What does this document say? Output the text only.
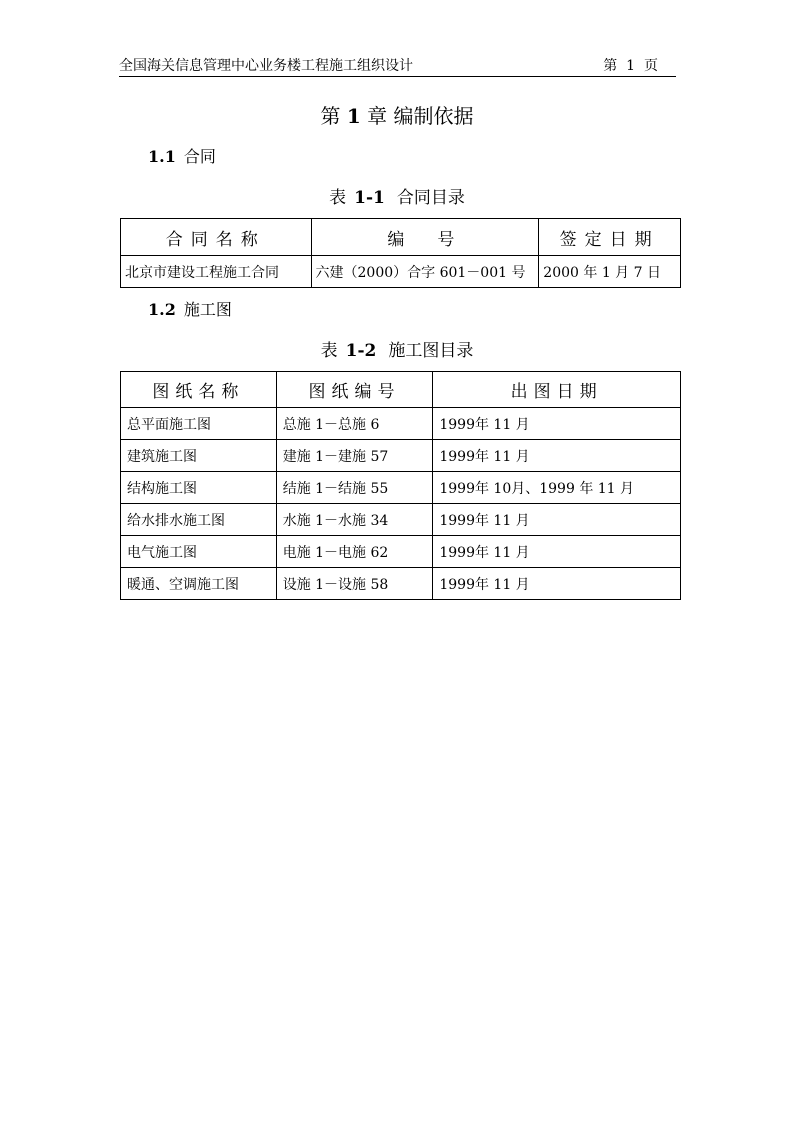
全国海关信息管理中心业务楼工程施工组织设计	第  1  页
第 1 章 编制依据
1.1 合同
表 1-1 合同目录
合同名称	编　号	签定日期
北京市建设工程施工合同	六建（2000）合字 601－001 号	2000 年 1 月 7 日
1.2 施工图
表 1-2 施工图目录
图纸名称	图纸编号	出图日期
总平面施工图	总施 1－总施 6	1999年 11 月
建筑施工图	建施 1－建施 57	1999年 11 月
结构施工图	结施 1－结施 55	1999年 10月、1999 年 11 月
给水排水施工图	水施 1－水施 34	1999年 11 月
电气施工图	电施 1－电施 62	1999年 11 月
暖通、空调施工图	设施 1－设施 58	1999年 11 月
